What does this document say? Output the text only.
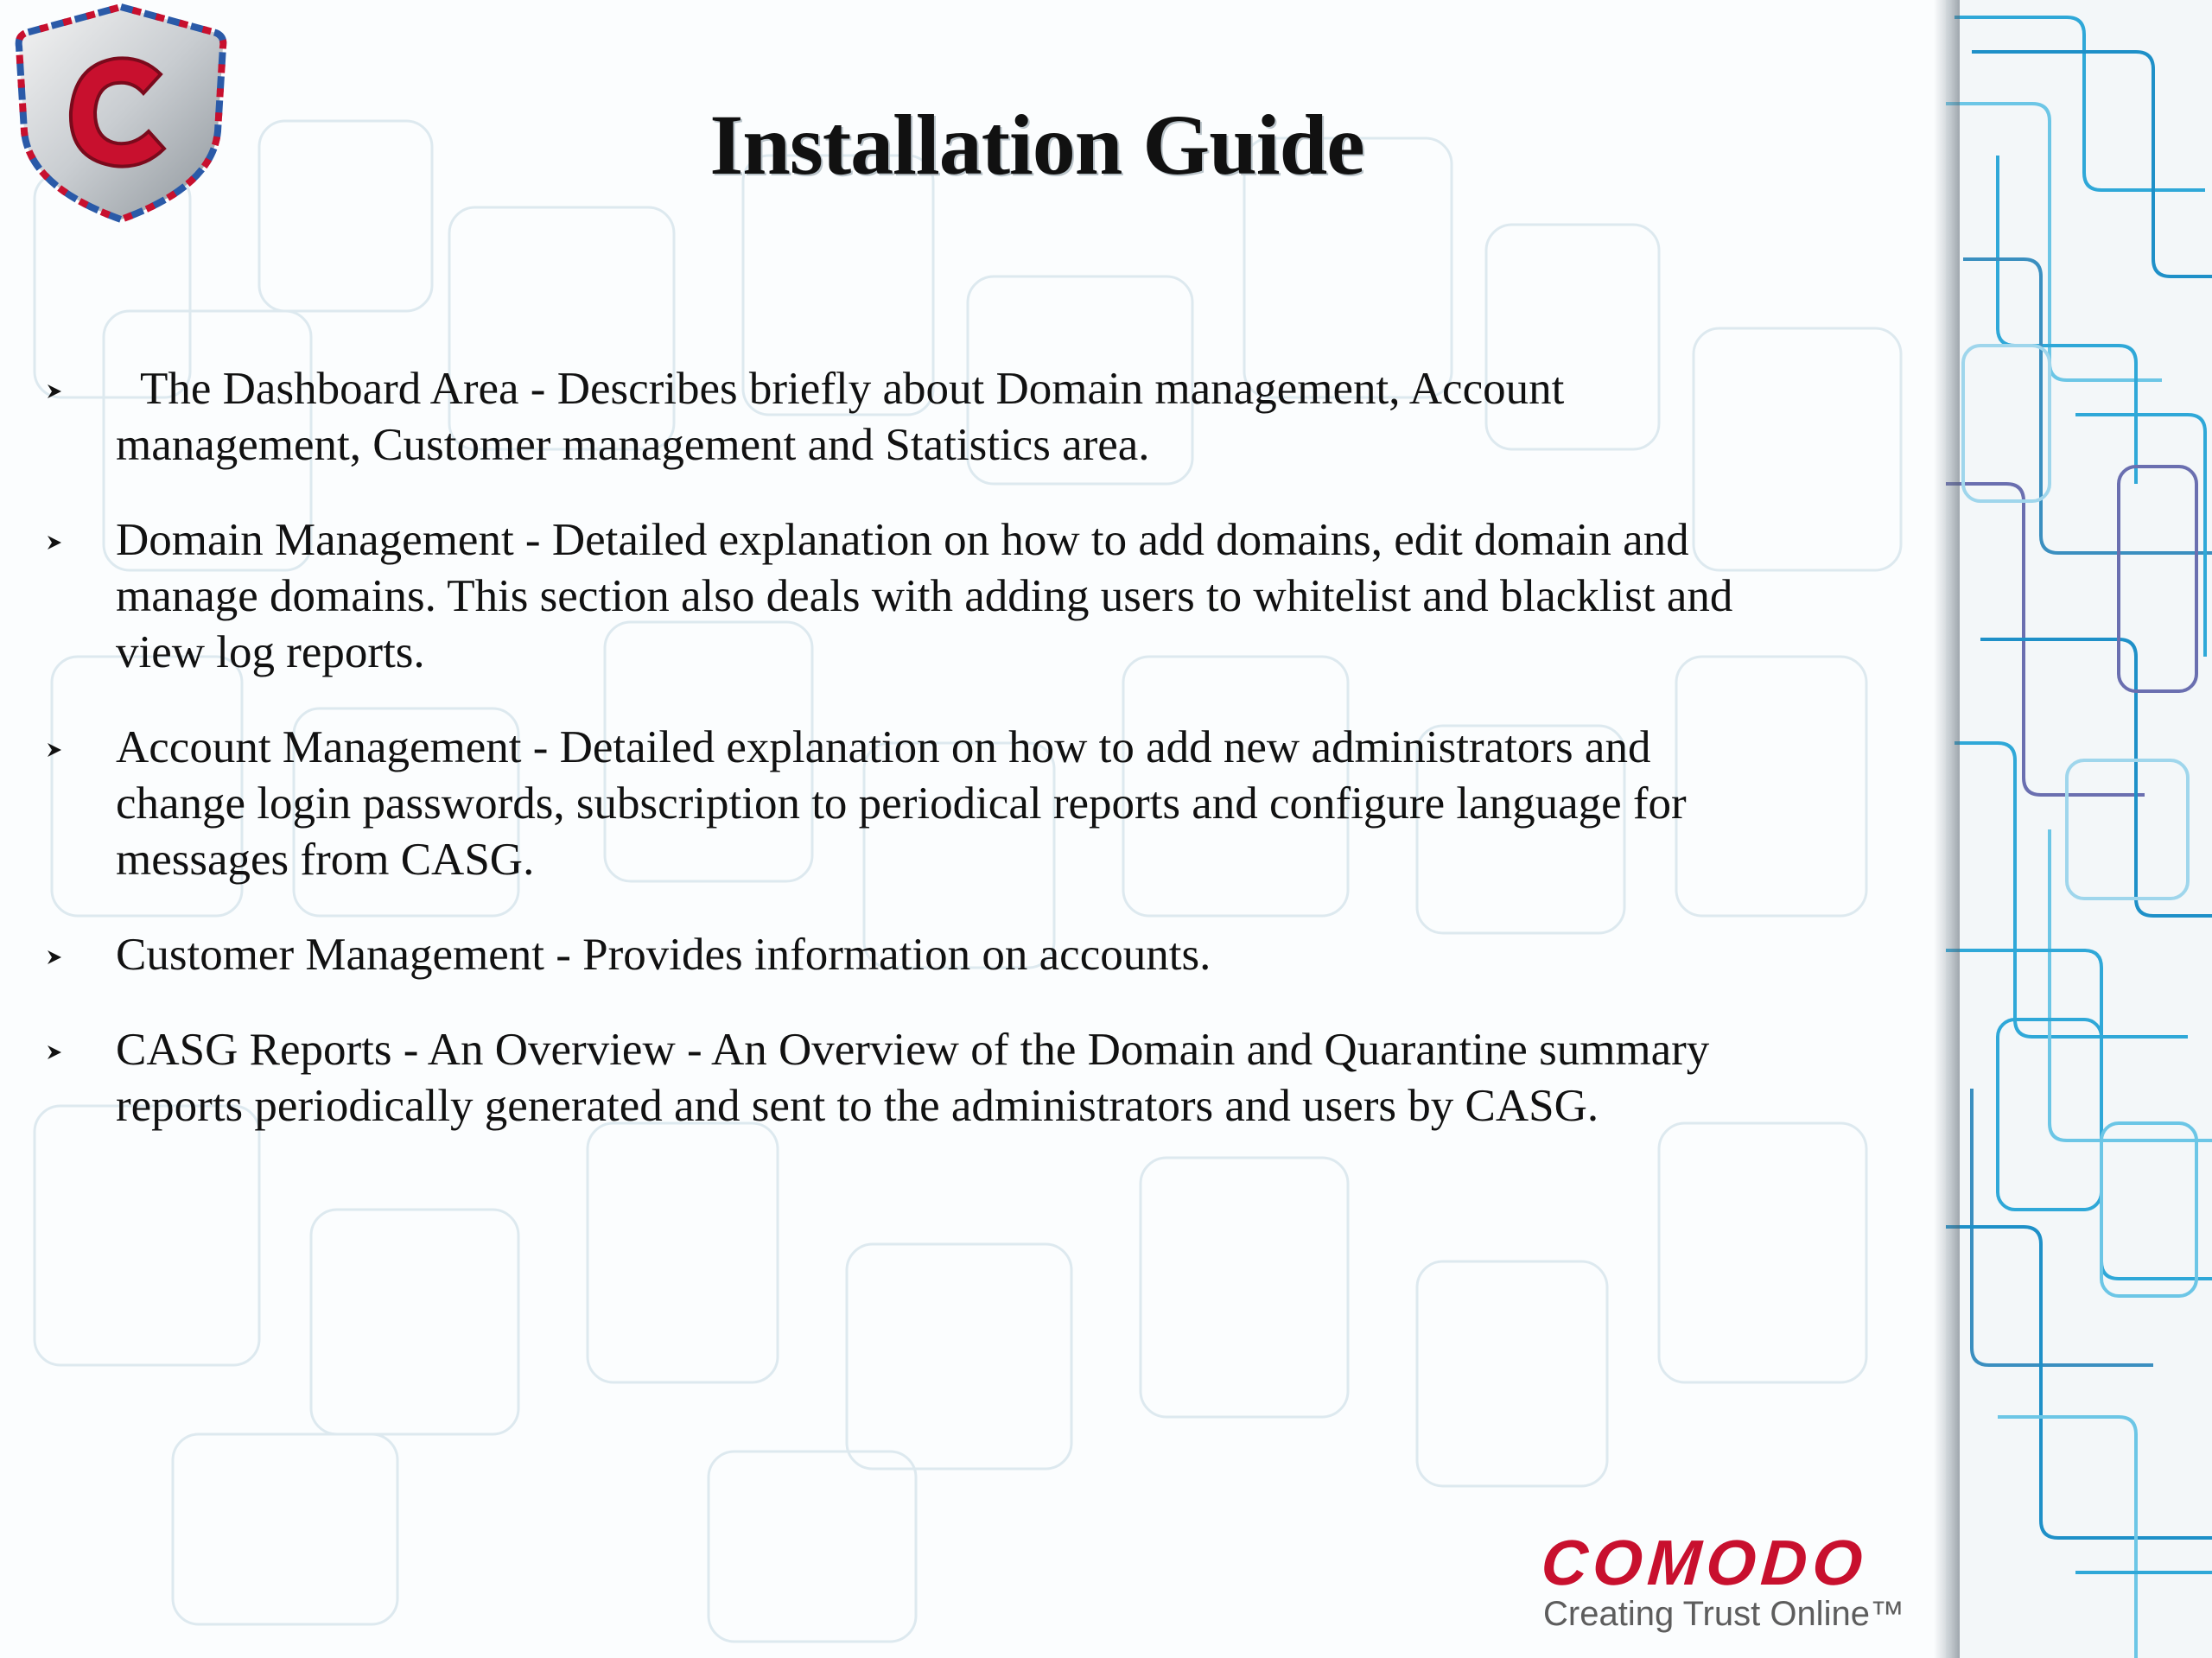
Installation Guide
The Dashboard Area - Describes briefly about Domain management, Account
management, Customer management and Statistics area.
Domain Management - Detailed explanation on how to add domains, edit domain and
manage domains. This section also deals with adding users to whitelist and blacklist and
view log reports.
Account Management - Detailed explanation on how to add new administrators and
change login passwords, subscription to periodical reports and configure language for
messages from CASG.
Customer Management - Provides information on accounts.
CASG Reports - An Overview - An Overview of the Domain and Quarantine summary
reports periodically generated and sent to the administrators and users by CASG.
COMODO
Creating Trust Online™
